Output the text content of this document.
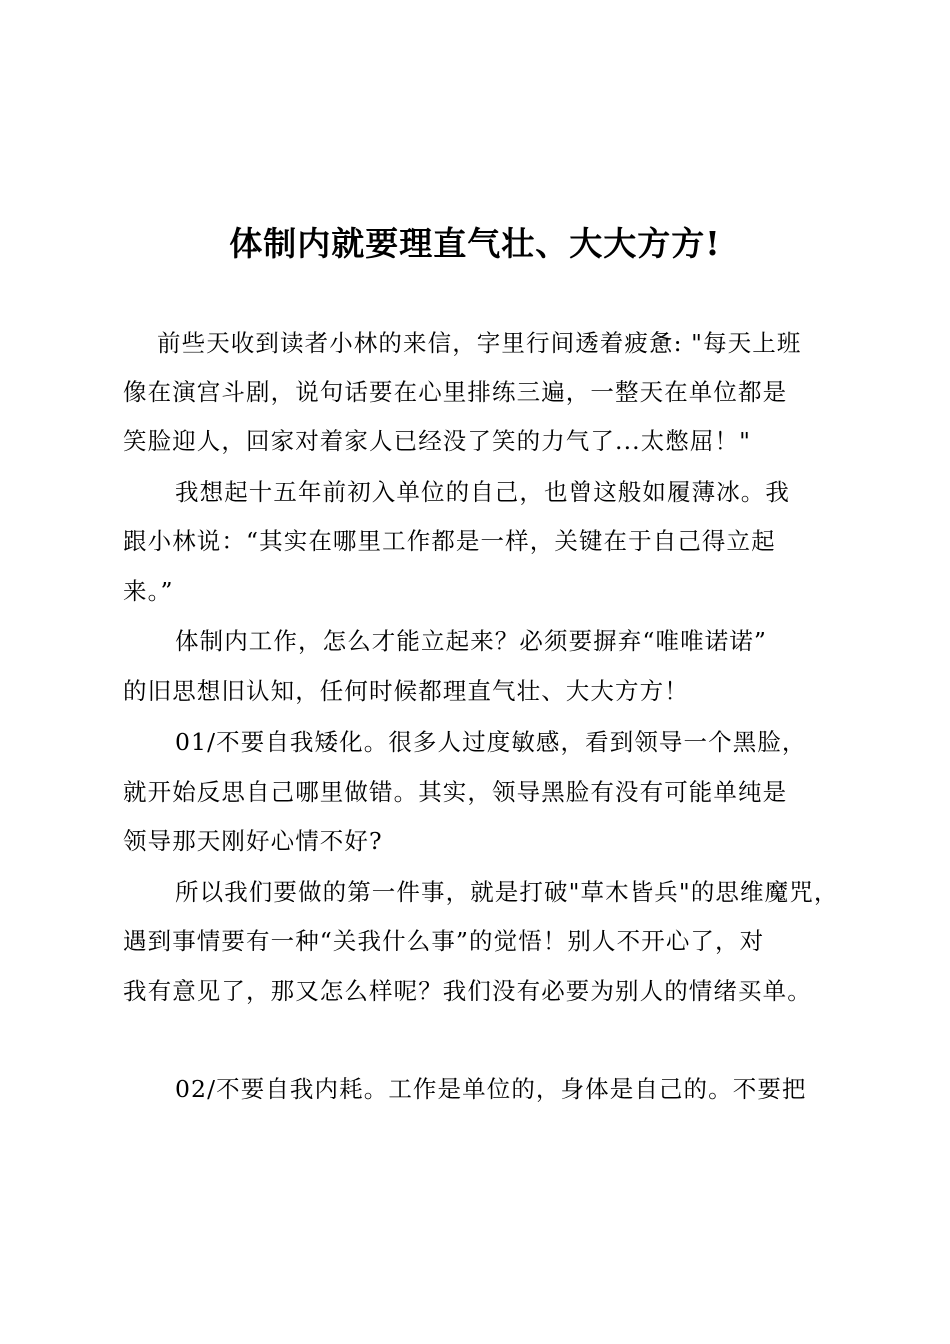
体制内就要理直气壮、大大方方!
前些天收到读者小林的来信，字里行间透着疲惫: "每天上班
像在演宫斗剧，说句话要在心里排练三遍，一整天在单位都是
笑脸迎人，回家对着家人已经没了笑的力气了...太憋屈！"
我想起十五年前初入单位的自己，也曾这般如履薄冰。我
跟小林说：“其实在哪里工作都是一样，关键在于自己得立起
来。”
体制内工作，怎么才能立起来？必须要摒弃“唯唯诺诺”
的旧思想旧认知，任何时候都理直气壮、大大方方！
01/不要自我矮化。很多人过度敏感，看到领导一个黑脸，
就开始反思自己哪里做错。其实，领导黑脸有没有可能单纯是
领导那天刚好心情不好?
所以我们要做的第一件事，就是打破"草木皆兵"的思维魔咒，
遇到事情要有一种“关我什么事”的觉悟！别人不开心了，对
我有意见了，那又怎么样呢？我们没有必要为别人的情绪买单。
02/不要自我内耗。工作是单位的，身体是自己的。不要把
